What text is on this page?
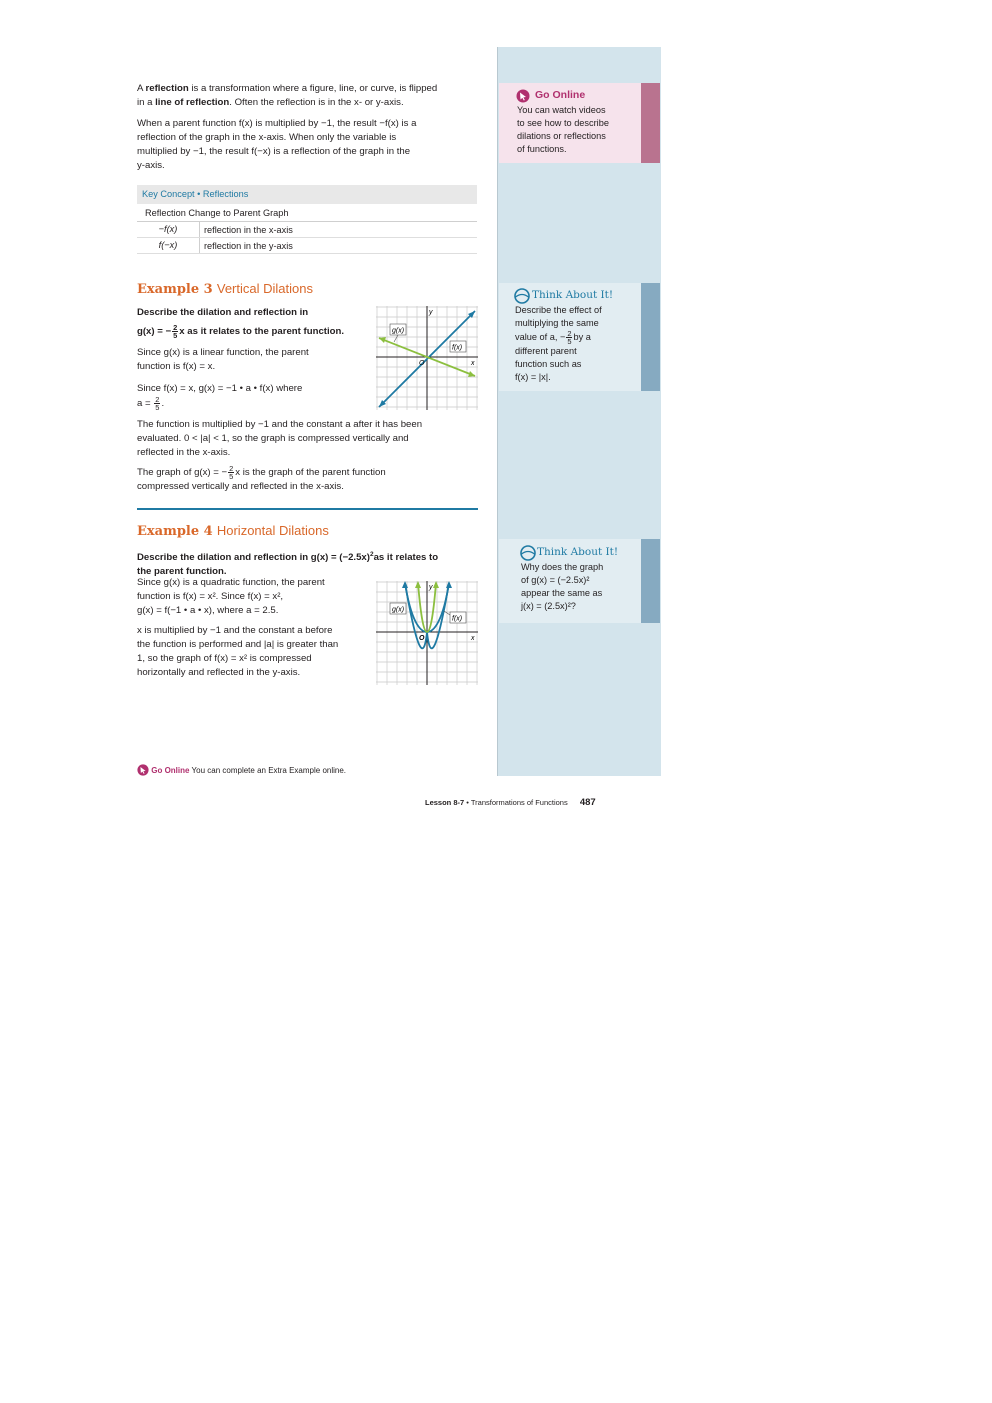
Go Online
You can watch videos
to see how to describe
dilations or reflections
of functions.
Think About It!
Describe the effect of
multiplying the same
value of a, − $\frac{2}{5}$ by a
different parent
function such as
f(x) = |x|.
Think About It!
Why does the graph
of g(x) = (−2.5x)²
appear the same as
j(x) = (2.5x)²?
A reflection is a transformation where a figure, line, or curve, is flipped
in a line of reflection. Often the reflection is in the x- or y-axis.
When a parent function f(x) is multiplied by −1, the result −f(x) is a
reflection of the graph in the x-axis. When only the variable is
multiplied by −1, the result f(−x) is a reflection of the graph in the
y-axis.
Key Concept • Reflections
Reflection Change to Parent Graph
−f(x)	reflection in the x-axis
f(−x)	reflection in the y-axis
Example 3 Vertical Dilations
Describe the dilation and reflection in
g(x) = − $\frac{2}{5}$ x as it relates to the parent function.
Since g(x) is a linear function, the parent
function is f(x) = x.
Since f(x) = x, g(x) = −1 • a • f(x) where
$a = \frac{2}{5}$ .
The function is multiplied by −1 and the constant a after it has been
evaluated. 0 < |a| < 1, so the graph is compressed vertically and
reflected in the x-axis.
The graph of g(x) = − $\frac{2}{5}$ x is the graph of the parent function
compressed vertically and reflected in the x-axis.
g(x)
f(x)
x
y
O
Example 4 Horizontal Dilations
Describe the dilation and reflection in $g(x) = (-2.5x)^2as$ it relates to
the parent function.
Since g(x) is a quadratic function, the parent
function is f(x) = x². Since f(x) = x²,
g(x) = f(−1 • a • x), where a = 2.5.
x is multiplied by −1 and the constant a before
the function is performed and |a| is greater than
1, so the graph of f(x) = x² is compressed
horizontally and reflected in the y-axis.
g(x)
f(x)
x
y
O
Go Online You can complete an Extra Example online.
Lesson 8-7 • Transformations of Functions 487
